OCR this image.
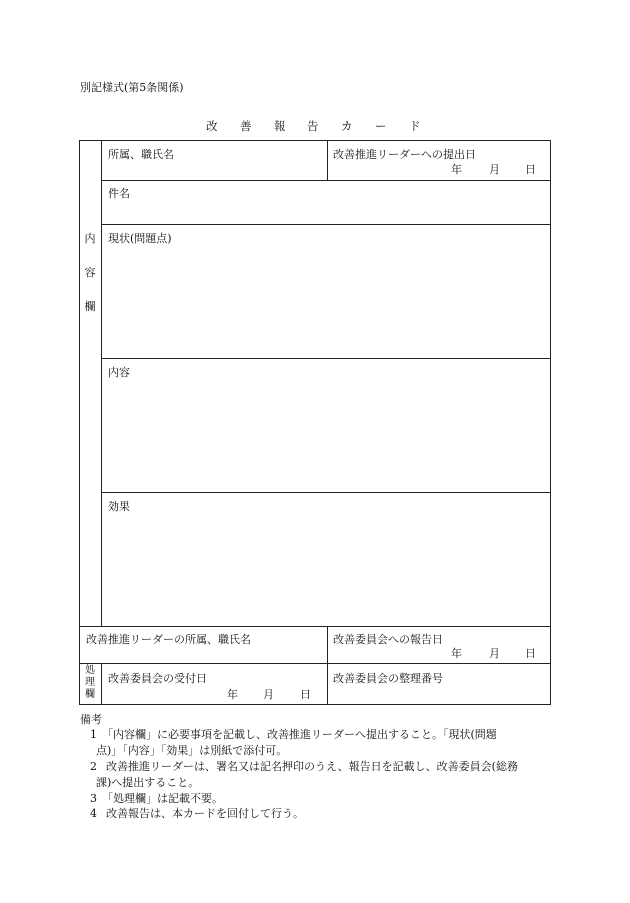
別記様式(第5条関係)
改 善 報 告 カ ー ド
内
容
欄
所属、職氏名	改善推進リーダーへの提出日
年 月 日
件名
現状(問題点)
内容
効果
改善推進リーダーの所属、職氏名	改善委員会への報告日
年 月 日
処
理
欄
改善委員会の受付日
年 月 日
改善委員会の整理番号
備考
1 「内容欄」に必要事項を記載し、改善推進リーダーへ提出すること。「現状(問題
点)」「内容」「効果」は別紙で添付可。
2 改善推進リーダーは、署名又は記名押印のうえ、報告日を記載し、改善委員会(総務
課)へ提出すること。
3 「処理欄」は記載不要。
4 改善報告は、本カードを回付して行う。
